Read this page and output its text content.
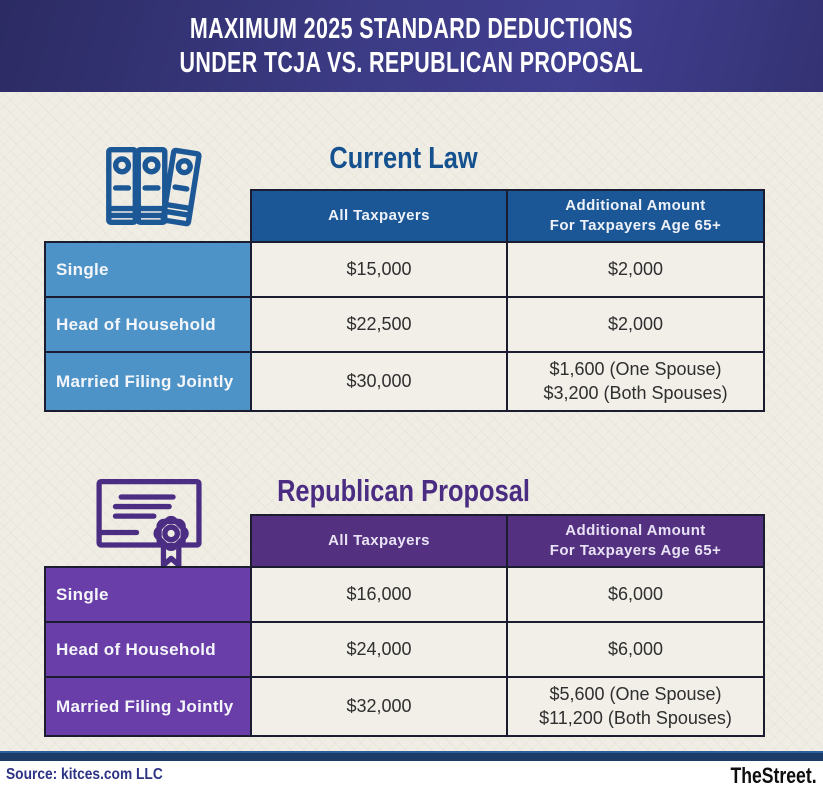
MAXIMUM 2025 STANDARD DEDUCTIONS
UNDER TCJA VS. REPUBLICAN PROPOSAL
Current Law
	All Taxpayers	Additional Amount
For Taxpayers Age 65+

Single	$15,000	$2,000

Head of Household	$22,500	$2,000

Married Filing Jointly	$30,000	$1,600 (One Spouse)
$3,200 (Both Spouses)
Republican Proposal
	All Taxpayers	Additional Amount
For Taxpayers Age 65+

Single	$16,000	$6,000

Head of Household	$24,000	$6,000

Married Filing Jointly	$32,000	$5,600 (One Spouse)
$11,200 (Both Spouses)
Source: kitces.com LLC	TheStreet.
